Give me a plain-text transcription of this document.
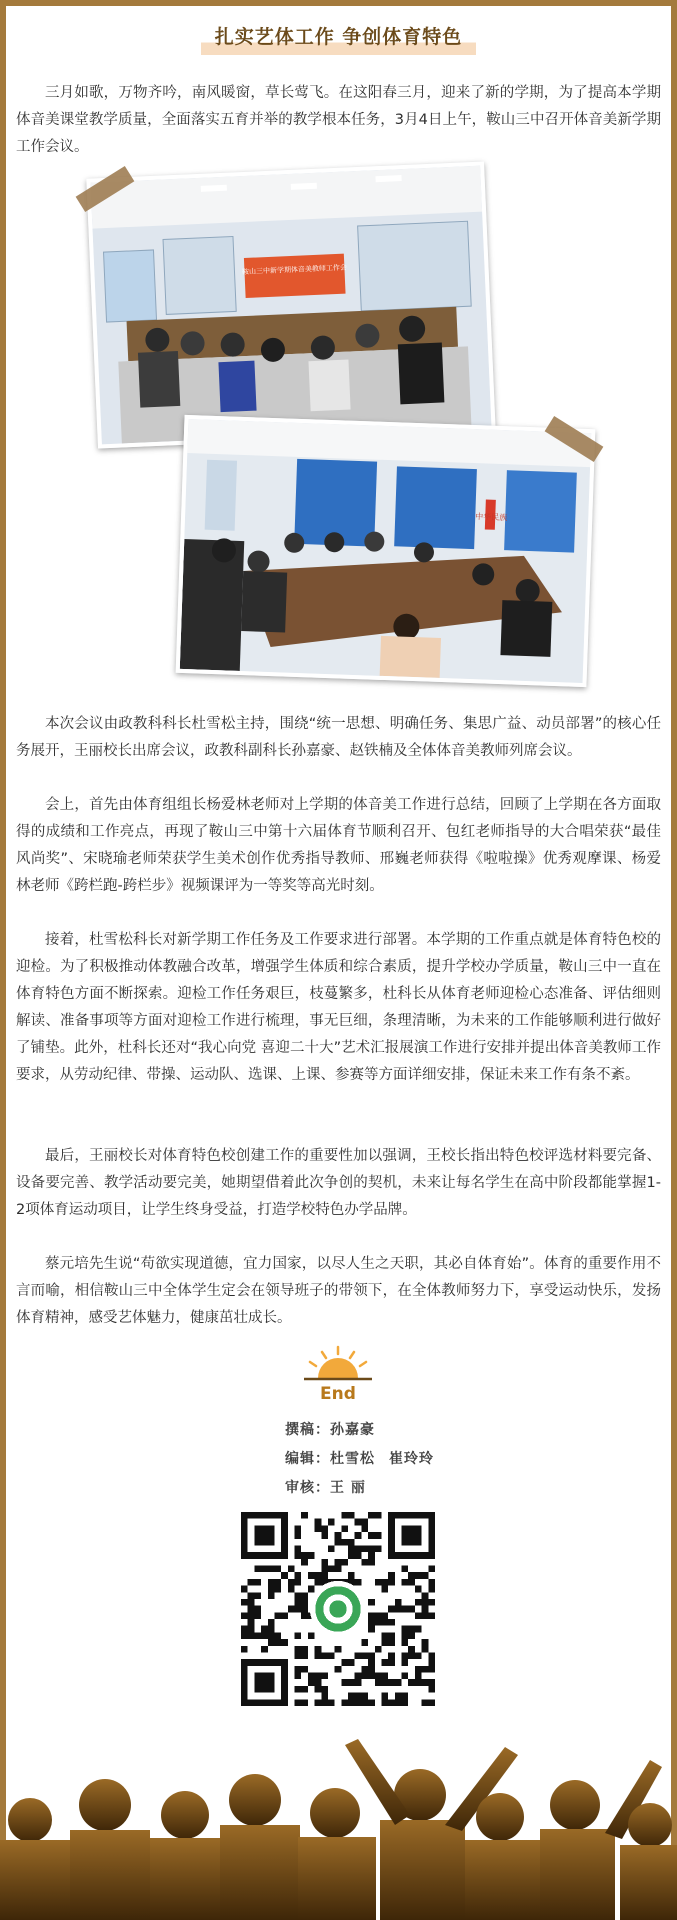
扎实艺体工作 争创体育特色

三月如歌，万物齐吟，南风暖窗，草长莺飞。在这阳春三月，迎来了新的学期，为了提高本学期体音美课堂教学质量，全面落实五育并举的教学根本任务，3月4日上午，鞍山三中召开体音美新学期工作会议。

鞍山三中新学期体音美教师工作会
中华民族

本次会议由政教科科长杜雪松主持，围绕“统一思想、明确任务、集思广益、动员部署”的核心任务展开，王丽校长出席会议，政教科副科长孙嘉豪、赵铁楠及全体体音美教师列席会议。

会上，首先由体育组组长杨爱林老师对上学期的体音美工作进行总结，回顾了上学期在各方面取得的成绩和工作亮点，再现了鞍山三中第十六届体育节顺利召开、包红老师指导的大合唱荣获“最佳风尚奖”、宋晓瑜老师荣获学生美术创作优秀指导教师、邢巍老师获得《啦啦操》优秀观摩课、杨爱林老师《跨栏跑-跨栏步》视频课评为一等奖等高光时刻。

接着，杜雪松科长对新学期工作任务及工作要求进行部署。本学期的工作重点就是体育特色校的迎检。为了积极推动体教融合改革，增强学生体质和综合素质，提升学校办学质量，鞍山三中一直在体育特色方面不断探索。迎检工作任务艰巨，枝蔓繁多，杜科长从体育老师迎检心态准备、评估细则解读、准备事项等方面对迎检工作进行梳理，事无巨细，条理清晰，为未来的工作能够顺利进行做好了铺垫。此外，杜科长还对“我心向党 喜迎二十大”艺术汇报展演工作进行安排并提出体音美教师工作要求，从劳动纪律、带操、运动队、选课、上课、参赛等方面详细安排，保证未来工作有条不紊。

最后，王丽校长对体育特色校创建工作的重要性加以强调，王校长指出特色校评选材料要完备、设备要完善、教学活动要完美，她期望借着此次争创的契机，未来让每名学生在高中阶段都能掌握1-2项体育运动项目，让学生终身受益，打造学校特色办学品牌。

蔡元培先生说“苟欲实现道德，宜力国家，以尽人生之天职，其必自体育始”。体育的重要作用不言而喻，相信鞍山三中全体学生定会在领导班子的带领下，在全体教师努力下，享受运动快乐，发扬体育精神，感受艺体魅力，健康茁壮成长。

End
撰稿：孙嘉豪
编辑：杜雪松 崔玲玲
审核：王 丽
